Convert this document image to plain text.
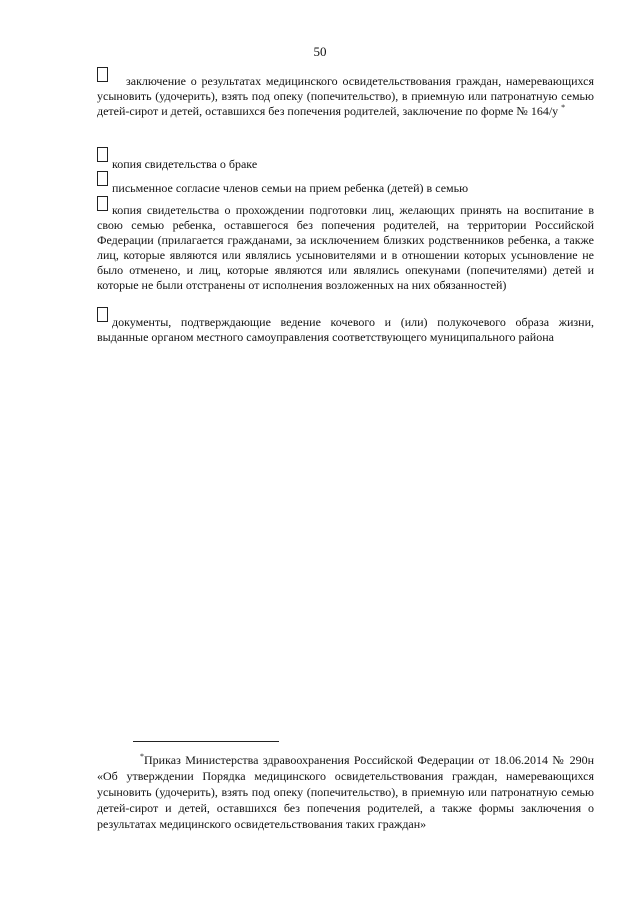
50

заключение о результатах медицинского освидетельствования граждан, намеревающихся усыновить (удочерить), взять под опеку (попечительство), в приемную или патронатную семью детей-сирот и детей, оставшихся без попечения родителей, заключение по форме № 164/у *

копия свидетельства о браке

письменное согласие членов семьи на прием ребенка (детей) в семью

копия свидетельства о прохождении подготовки лиц, желающих принять на воспитание в свою семью ребенка, оставшегося без попечения родителей, на территории Российской Федерации (прилагается гражданами, за исключением близких родственников ребенка, а также лиц, которые являются или являлись усыновителями и в отношении которых усыновление не было отменено, и лиц, которые являются или являлись опекунами (попечителями) детей и которые не были отстранены от исполнения возложенных на них обязанностей)

документы, подтверждающие ведение кочевого и (или) полукочевого образа жизни, выданные органом местного самоуправления соответствующего муниципального района

*Приказ Министерства здравоохранения Российской Федерации от 18.06.2014 № 290н «Об утверждении Порядка медицинского освидетельствования граждан, намеревающихся усыновить (удочерить), взять под опеку (попечительство), в приемную или патронатную семью детей-сирот и детей, оставшихся без попечения родителей, а также формы заключения о результатах медицинского освидетельствования таких граждан»
